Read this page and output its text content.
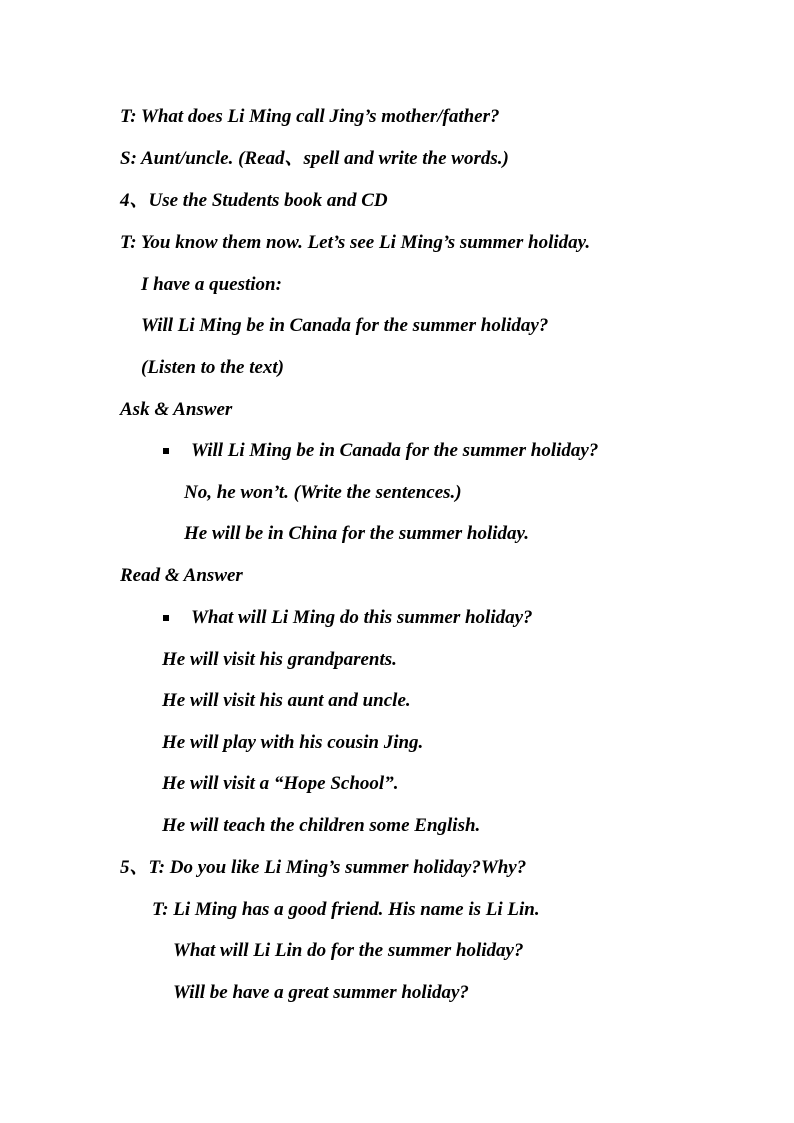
T: What does Li Ming call Jing’s mother/father?
S: Aunt/uncle. (Read、spell and write the words.)
4、Use the Students book and CD
T: You know them now. Let’s see Li Ming’s summer holiday.
I have a question:
Will Li Ming be in Canada for the summer holiday?
(Listen to the text)
Ask & Answer
Will Li Ming be in Canada for the summer holiday?
No, he won’t. (Write the sentences.)
He will be in China for the summer holiday.
Read & Answer
What will Li Ming do this summer holiday?
He will visit his grandparents.
He will visit his aunt and uncle.
He will play with his cousin Jing.
He will visit a “Hope School”.
He will teach the children some English.
5、T: Do you like Li Ming’s summer holiday?Why?
T: Li Ming has a good friend. His name is Li Lin.
What will Li Lin do for the summer holiday?
Will be have a great summer holiday?
